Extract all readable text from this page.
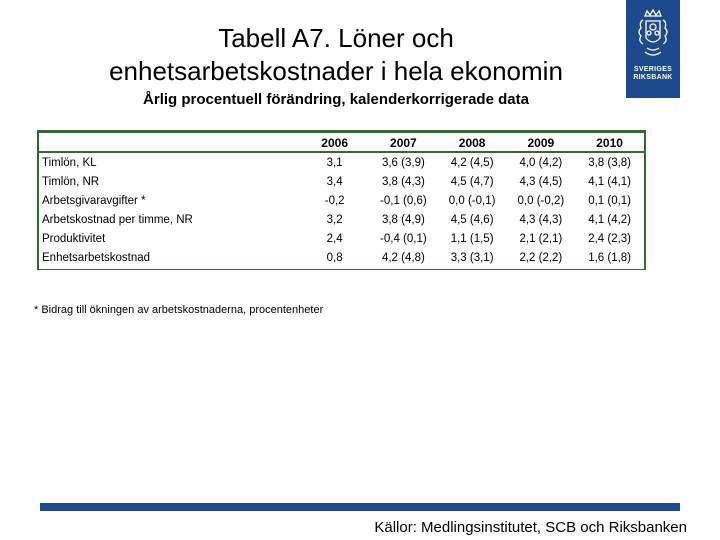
Tabell A7. Löner och
enhetsarbetskostnader i hela ekonomin
Årlig procentuell förändring, kalenderkorrigerade data
SVERIGES
RIKSBANK
	2006	2007	2008	2009	2010
Timlön, KL	3,1	3,6 (3,9)	4,2 (4,5)	4,0 (4,2)	3,8 (3,8)
Timlön, NR	3,4	3,8 (4,3)	4,5 (4,7)	4,3 (4,5)	4,1 (4,1)
Arbetsgivaravgifter *	-0,2	-0,1 (0,6)	0,0 (-0,1)	0,0 (-0,2)	0,1 (0,1)
Arbetskostnad per timme, NR	3,2	3,8 (4,9)	4,5 (4,6)	4,3 (4,3)	4,1 (4,2)
Produktivitet	2,4	-0,4 (0,1)	1,1 (1,5)	2,1 (2,1)	2,4 (2,3)
Enhetsarbetskostnad	0,8	4,2 (4,8)	3,3 (3,1)	2,2 (2,2)	1,6 (1,8)
* Bidrag till ökningen av arbetskostnaderna, procentenheter
Källor: Medlingsinstitutet, SCB och Riksbanken
